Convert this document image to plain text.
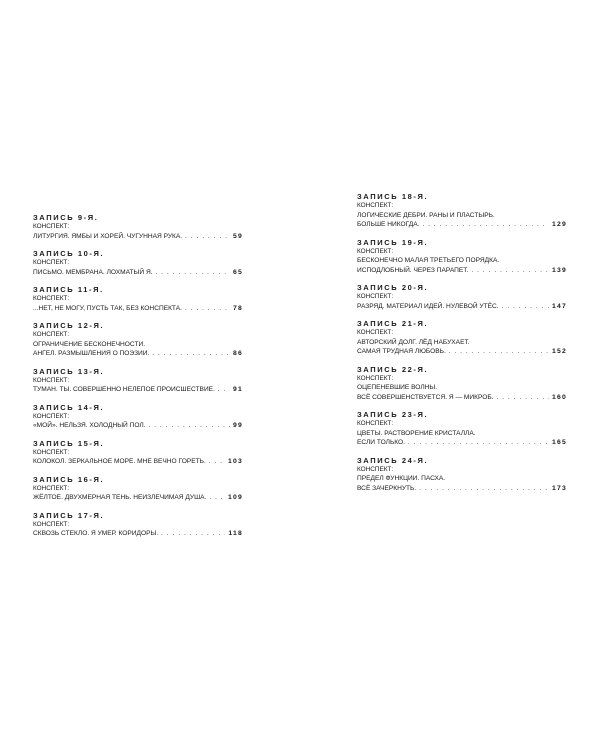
ЗАПИСЬ 9-Я.
КОНСПЕКТ:
ЛИТУРГИЯ. ЯМБЫ И ХОРЕЙ. ЧУГУННАЯ РУКА. . . .	59
ЗАПИСЬ 10-Я.
КОНСПЕКТ:
ПИСЬМО. МЕМБРАНА. ЛОХМАТЫЙ Я. . . .	65
ЗАПИСЬ 11-Я.
КОНСПЕКТ:
...НЕТ, НЕ МОГУ, ПУСТЬ ТАК, БЕЗ КОНСПЕКТА. . . .	78
ЗАПИСЬ 12-Я.
КОНСПЕКТ:
ОГРАНИЧЕНИЕ БЕСКОНЕЧНОСТИ.
АНГЕЛ. РАЗМЫШЛЕНИЯ О ПОЭЗИИ. . . .	86
ЗАПИСЬ 13-Я.
КОНСПЕКТ:
ТУМАН. ТЫ. СОВЕРШЕННО НЕЛЕПОЕ ПРОИСШЕСТВИЕ. . . .	91
ЗАПИСЬ 14-Я.
КОНСПЕКТ:
«МОЙ». НЕЛЬЗЯ. ХОЛОДНЫЙ ПОЛ. . . .	99
ЗАПИСЬ 15-Я.
КОНСПЕКТ:
КОЛОКОЛ. ЗЕРКАЛЬНОЕ МОРЕ. МНЕ ВЕЧНО ГОРЕТЬ. . . .	103
ЗАПИСЬ 16-Я.
КОНСПЕКТ:
ЖЁЛТОЕ. ДВУХМЕРНАЯ ТЕНЬ. НЕИЗЛЕЧИМАЯ ДУША. . . .	109
ЗАПИСЬ 17-Я.
КОНСПЕКТ:
СКВОЗЬ СТЕКЛО. Я УМЕР. КОРИДОРЫ. . . .	118
ЗАПИСЬ 18-Я.
КОНСПЕКТ:
ЛОГИЧЕСКИЕ ДЕБРИ. РАНЫ И ПЛАСТЫРЬ.
БОЛЬШЕ НИКОГДА. . . .	129
ЗАПИСЬ 19-Я.
КОНСПЕКТ:
БЕСКОНЕЧНО МАЛАЯ ТРЕТЬЕГО ПОРЯДКА.
ИСПОДЛОБНЫЙ. ЧЕРЕЗ ПАРАПЕТ. . . .	139
ЗАПИСЬ 20-Я.
КОНСПЕКТ:
РАЗРЯД. МАТЕРИАЛ ИДЕЙ. НУЛЕВОЙ УТЁС. . . .	147
ЗАПИСЬ 21-Я.
КОНСПЕКТ:
АВТОРСКИЙ ДОЛГ. ЛЁД НАБУХАЕТ.
САМАЯ ТРУДНАЯ ЛЮБОВЬ. . . .	152
ЗАПИСЬ 22-Я.
КОНСПЕКТ:
ОЦЕПЕНЕВШИЕ ВОЛНЫ.
ВСЁ СОВЕРШЕНСТВУЕТСЯ. Я — МИКРОБ. . . .	160
ЗАПИСЬ 23-Я.
КОНСПЕКТ:
ЦВЕТЫ. РАСТВОРЕНИЕ КРИСТАЛЛА.
ЕСЛИ ТОЛЬКО. . . .	165
ЗАПИСЬ 24-Я.
КОНСПЕКТ:
ПРЕДЕЛ ФУНКЦИИ. ПАСХА.
ВСЁ ЗАЧЕРКНУТЬ. . . .	173
